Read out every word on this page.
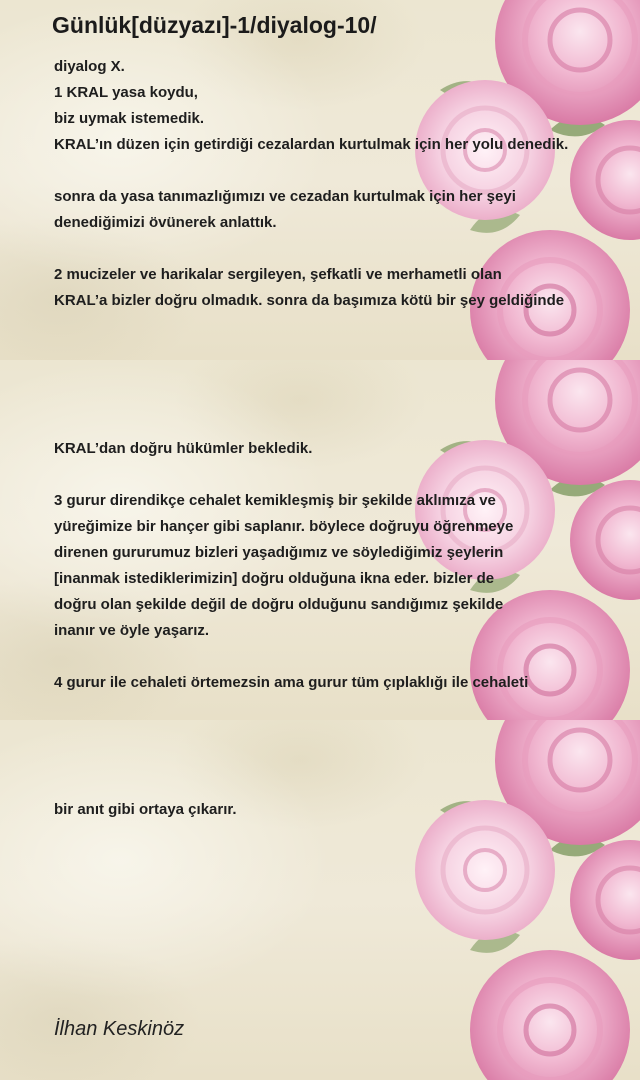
Günlük[düzyazı]-1/diyalog-10/
diyalog X.
1 KRAL yasa koydu,
biz uymak istemedik.
KRAL’ın düzen için getirdiği cezalardan kurtulmak için her yolu denedik.
sonra da yasa tanımazlığımızı ve cezadan kurtulmak için her şeyi
denediğimizi övünerek anlattık.
2 mucizeler ve harikalar sergileyen, şefkatli ve merhametli olan
KRAL’a bizler doğru olmadık. sonra da başımıza kötü bir şey geldiğinde
KRAL’dan doğru hükümler bekledik.
3 gurur direndikçe cehalet kemikleşmiş bir şekilde aklımıza ve
yüreğimize bir hançer gibi saplanır. böylece doğruyu öğrenmeye
direnen gururumuz bizleri yaşadığımız ve söylediğimiz şeylerin
[inanmak istediklerimizin] doğru olduğuna ikna eder. bizler de
doğru olan şekilde değil de doğru olduğunu sandığımız şekilde
inanır ve öyle yaşarız.
4 gurur ile cehaleti örtemezsin ama gurur tüm çıplaklığı ile cehaleti
bir anıt gibi ortaya çıkarır.
İlhan Keskinöz
